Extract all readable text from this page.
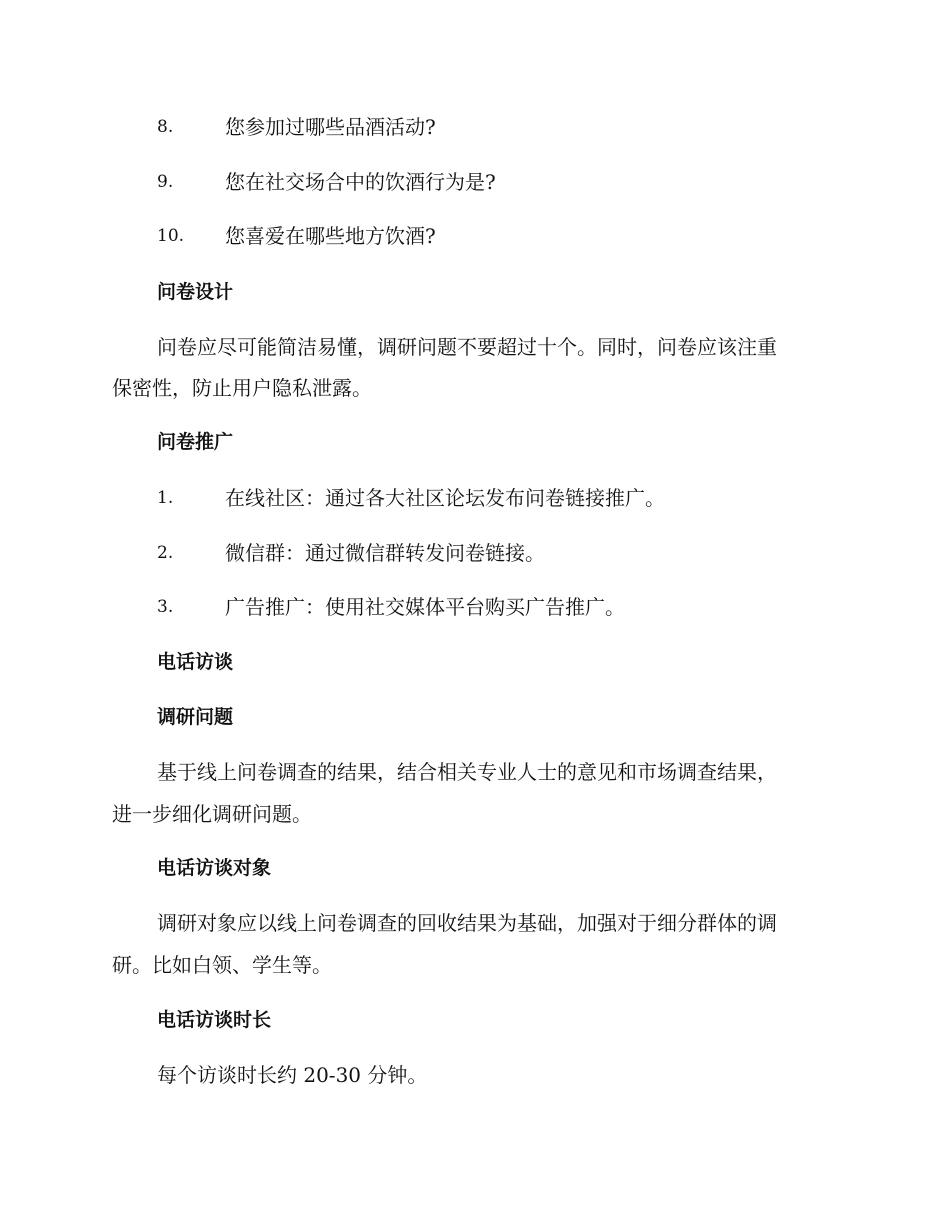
8.	您参加过哪些品酒活动?
9.	您在社交场合中的饮酒行为是?
10. 您喜爱在哪些地方饮酒?
问卷设计
问卷应尽可能简洁易懂，调研问题不要超过十个。同时，问卷应该注重
保密性，防止用户隐私泄露。
问卷推广
1.	在线社区：通过各大社区论坛发布问卷链接推广。
2.	微信群：通过微信群转发问卷链接。
3.	广告推广：使用社交媒体平台购买广告推广。
电话访谈
调研问题
基于线上问卷调查的结果，结合相关专业人士的意见和市场调查结果，
进一步细化调研问题。
电话访谈对象
调研对象应以线上问卷调查的回收结果为基础，加强对于细分群体的调
研。比如白领、学生等。
电话访谈时长
每个访谈时长约 20-30 分钟。
